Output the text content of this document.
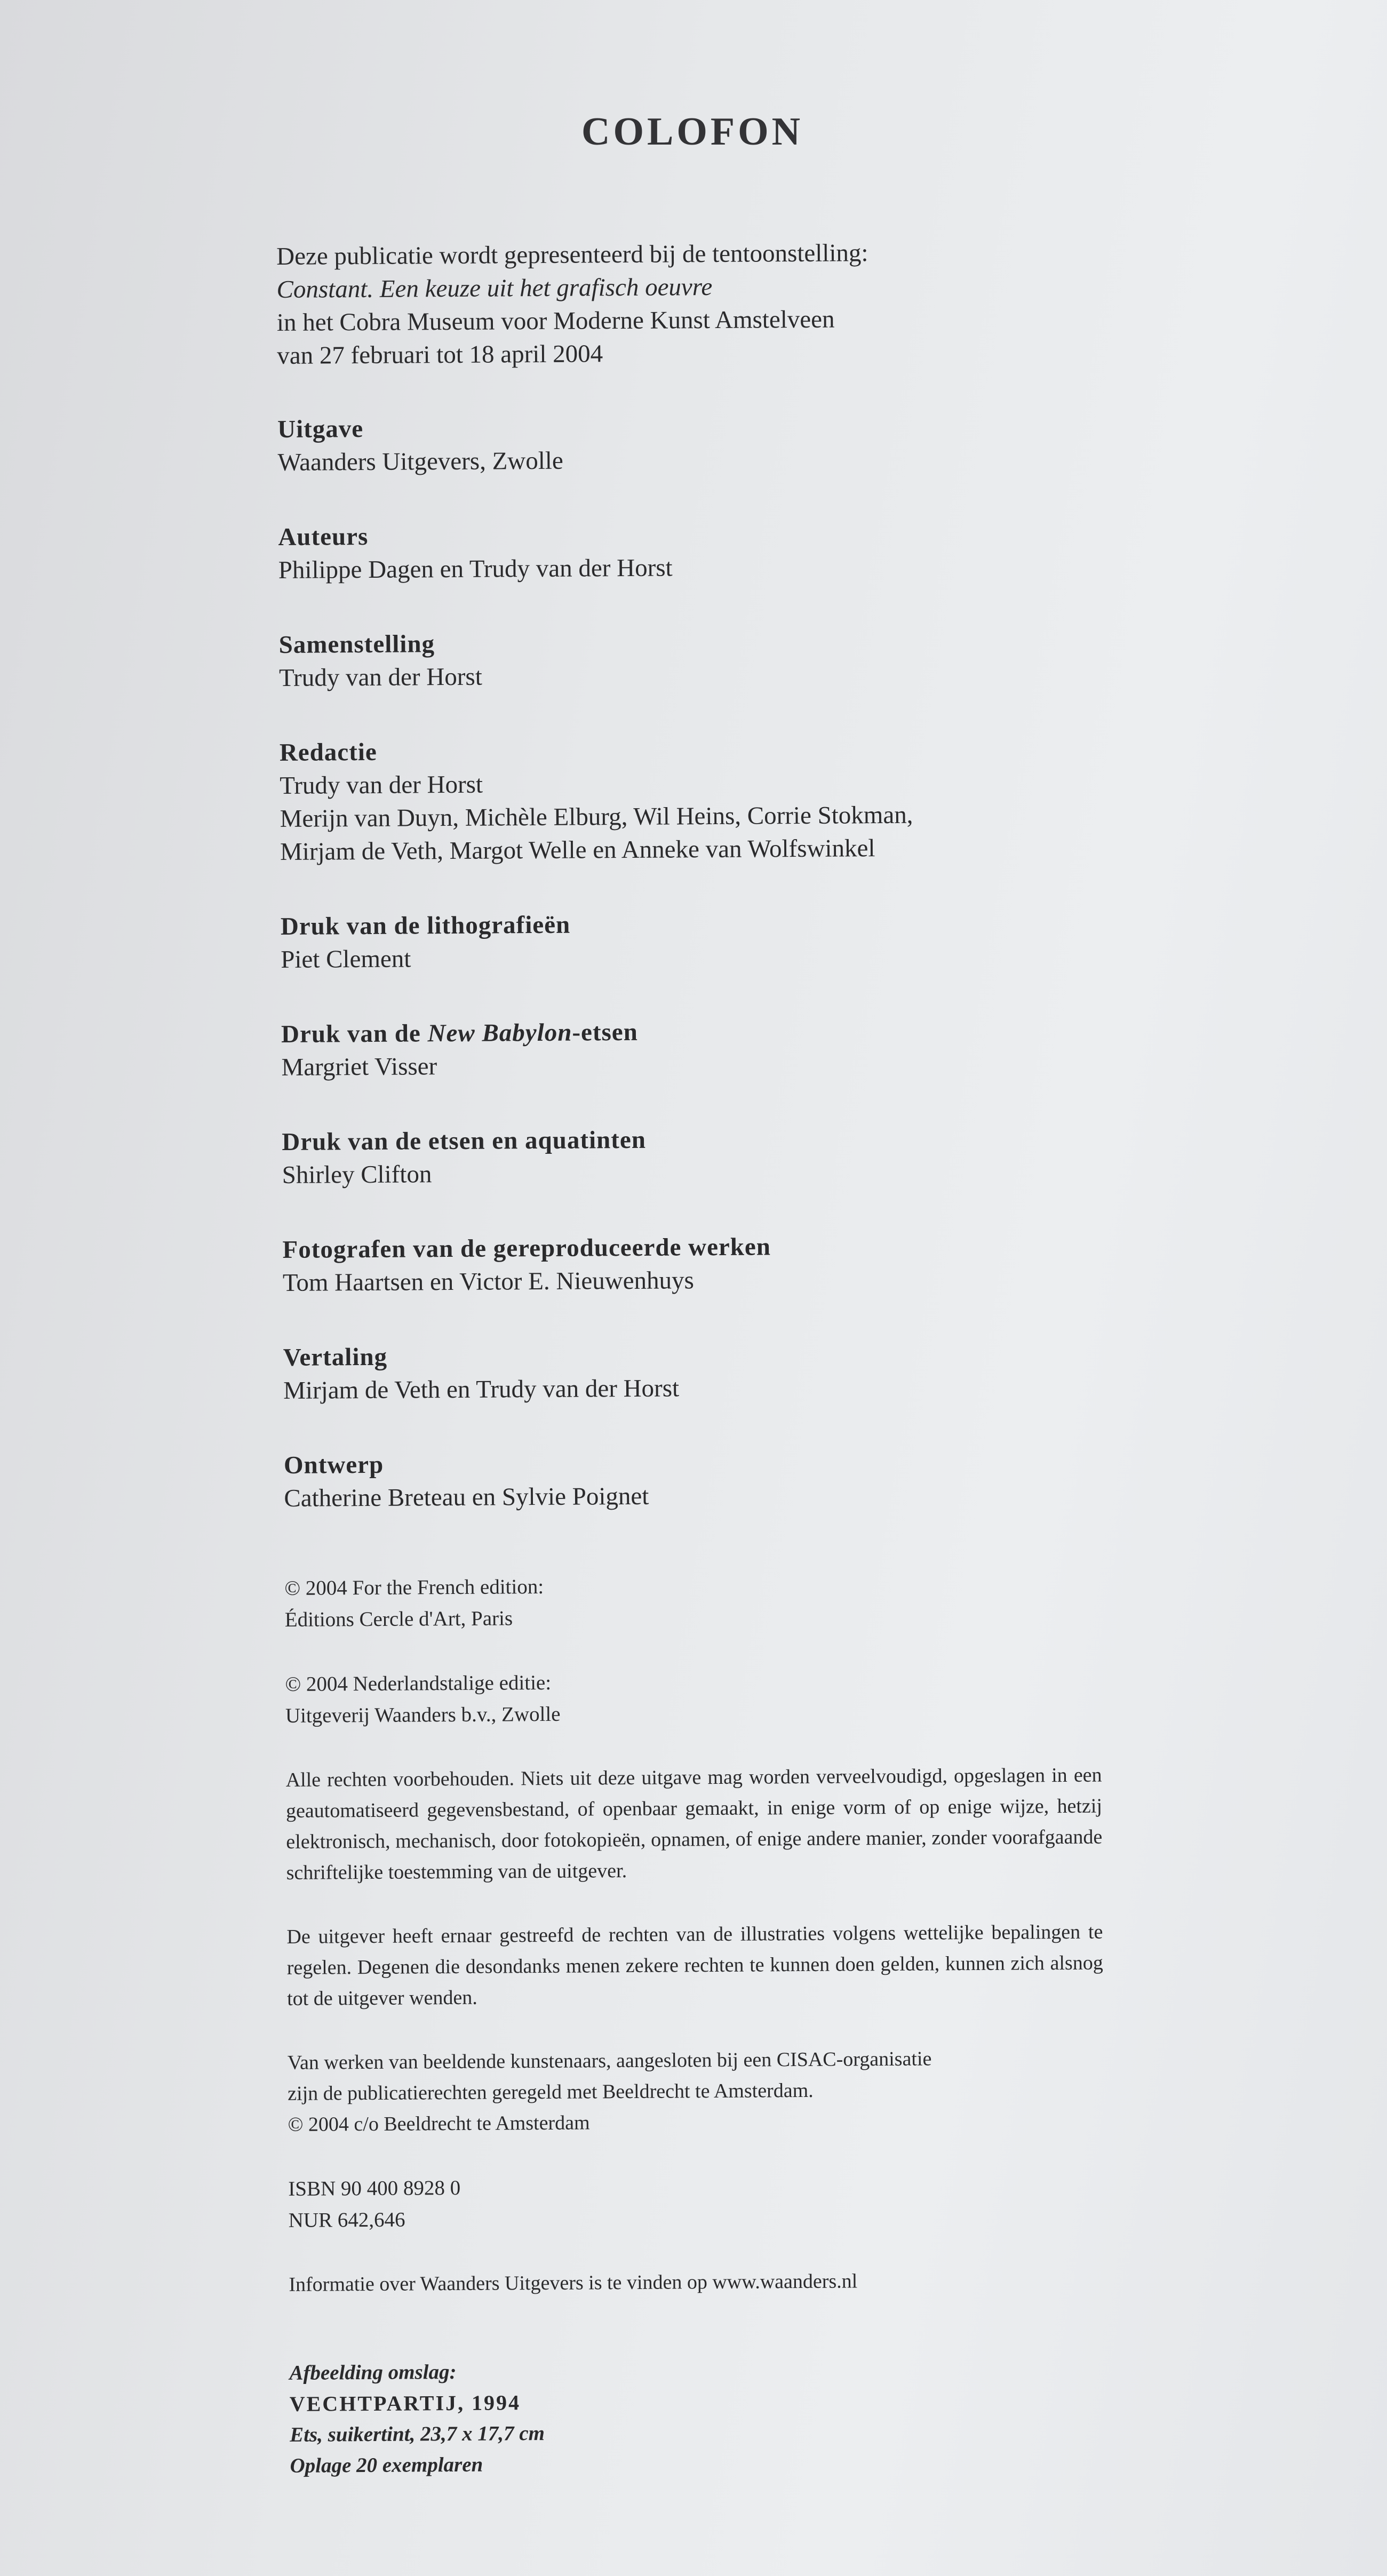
COLOFON
Deze publicatie wordt gepresenteerd bij de tentoonstelling:
Constant. Een keuze uit het grafisch oeuvre
in het Cobra Museum voor Moderne Kunst Amstelveen
van 27 februari tot 18 april 2004
Uitgave
Waanders Uitgevers, Zwolle
Auteurs
Philippe Dagen en Trudy van der Horst
Samenstelling
Trudy van der Horst
Redactie
Trudy van der Horst
Merijn van Duyn, Michèle Elburg, Wil Heins, Corrie Stokman,
Mirjam de Veth, Margot Welle en Anneke van Wolfswinkel
Druk van de lithografieën
Piet Clement
Druk van de New Babylon-etsen
Margriet Visser
Druk van de etsen en aquatinten
Shirley Clifton
Fotografen van de gereproduceerde werken
Tom Haartsen en Victor E. Nieuwenhuys
Vertaling
Mirjam de Veth en Trudy van der Horst
Ontwerp
Catherine Breteau en Sylvie Poignet
© 2004 For the French edition:
Éditions Cercle d'Art, Paris
© 2004 Nederlandstalige editie:
Uitgeverij Waanders b.v., Zwolle
Alle rechten voorbehouden. Niets uit deze uitgave mag worden verveelvoudigd, opgeslagen in een geautomatiseerd gegevensbestand, of openbaar gemaakt, in enige vorm of op enige wijze, hetzij elektronisch, mechanisch, door fotokopieën, opnamen, of enige andere manier, zonder voorafgaande schriftelijke toestemming van de uitgever.
De uitgever heeft ernaar gestreefd de rechten van de illustraties volgens wettelijke bepalingen te regelen. Degenen die desondanks menen zekere rechten te kunnen doen gelden, kunnen zich alsnog tot de uitgever wenden.
Van werken van beeldende kunstenaars, aangesloten bij een CISAC-organisatie
zijn de publicatierechten geregeld met Beeldrecht te Amsterdam.
© 2004 c/o Beeldrecht te Amsterdam
ISBN 90 400 8928 0
NUR 642,646
Informatie over Waanders Uitgevers is te vinden op www.waanders.nl
Afbeelding omslag:
VECHTPARTIJ, 1994
Ets, suikertint, 23,7 x 17,7 cm
Oplage 20 exemplaren
